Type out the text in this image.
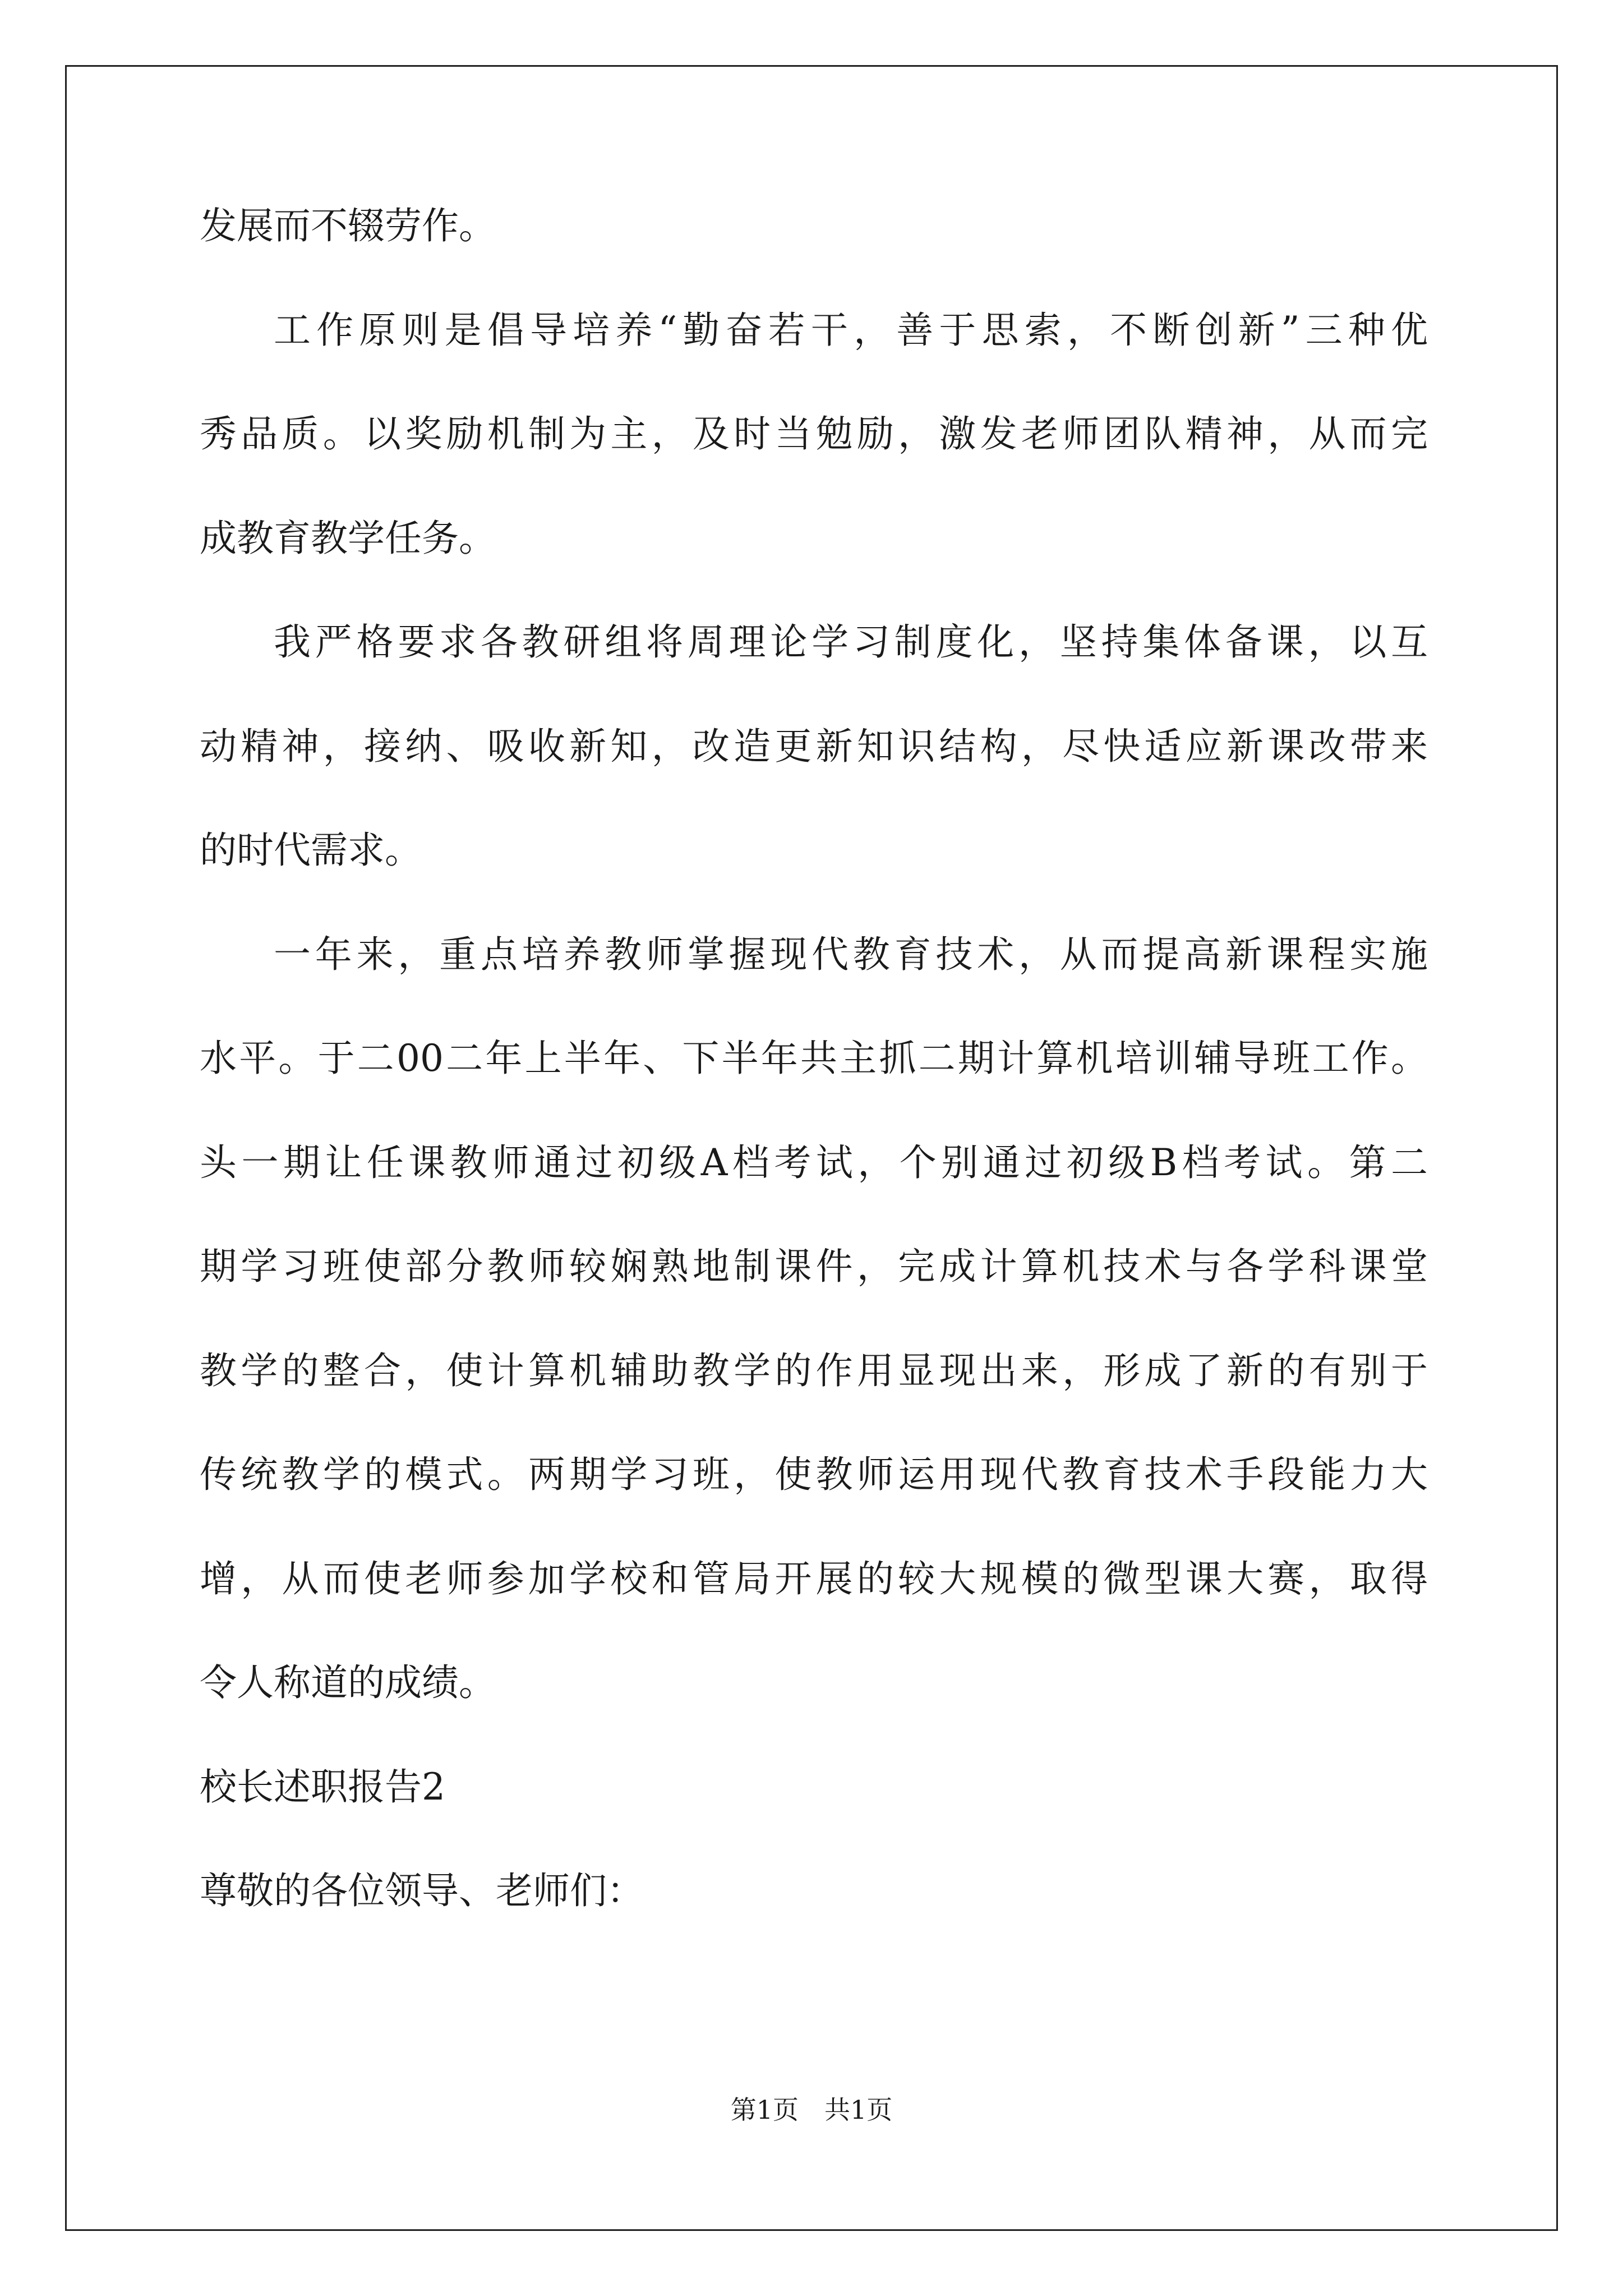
发展而不辍劳作。
工作原则是倡导培养“勤奋若干，善于思索，不断创新”三种优
秀品质。以奖励机制为主，及时当勉励，激发老师团队精神，从而完
成教育教学任务。
我严格要求各教研组将周理论学习制度化，坚持集体备课，以互
动精神，接纳、吸收新知，改造更新知识结构，尽快适应新课改带来
的时代需求。
一年来，重点培养教师掌握现代教育技术，从而提高新课程实施
水平。于二00二年上半年、下半年共主抓二期计算机培训辅导班工作。
头一期让任课教师通过初级A档考试，个别通过初级B档考试。第二
期学习班使部分教师较娴熟地制课件，完成计算机技术与各学科课堂
教学的整合，使计算机辅助教学的作用显现出来，形成了新的有别于
传统教学的模式。两期学习班，使教师运用现代教育技术手段能力大
增，从而使老师参加学校和管局开展的较大规模的微型课大赛，取得
令人称道的成绩。
校长述职报告2
尊敬的各位领导、老师们：
第1页 共1页
